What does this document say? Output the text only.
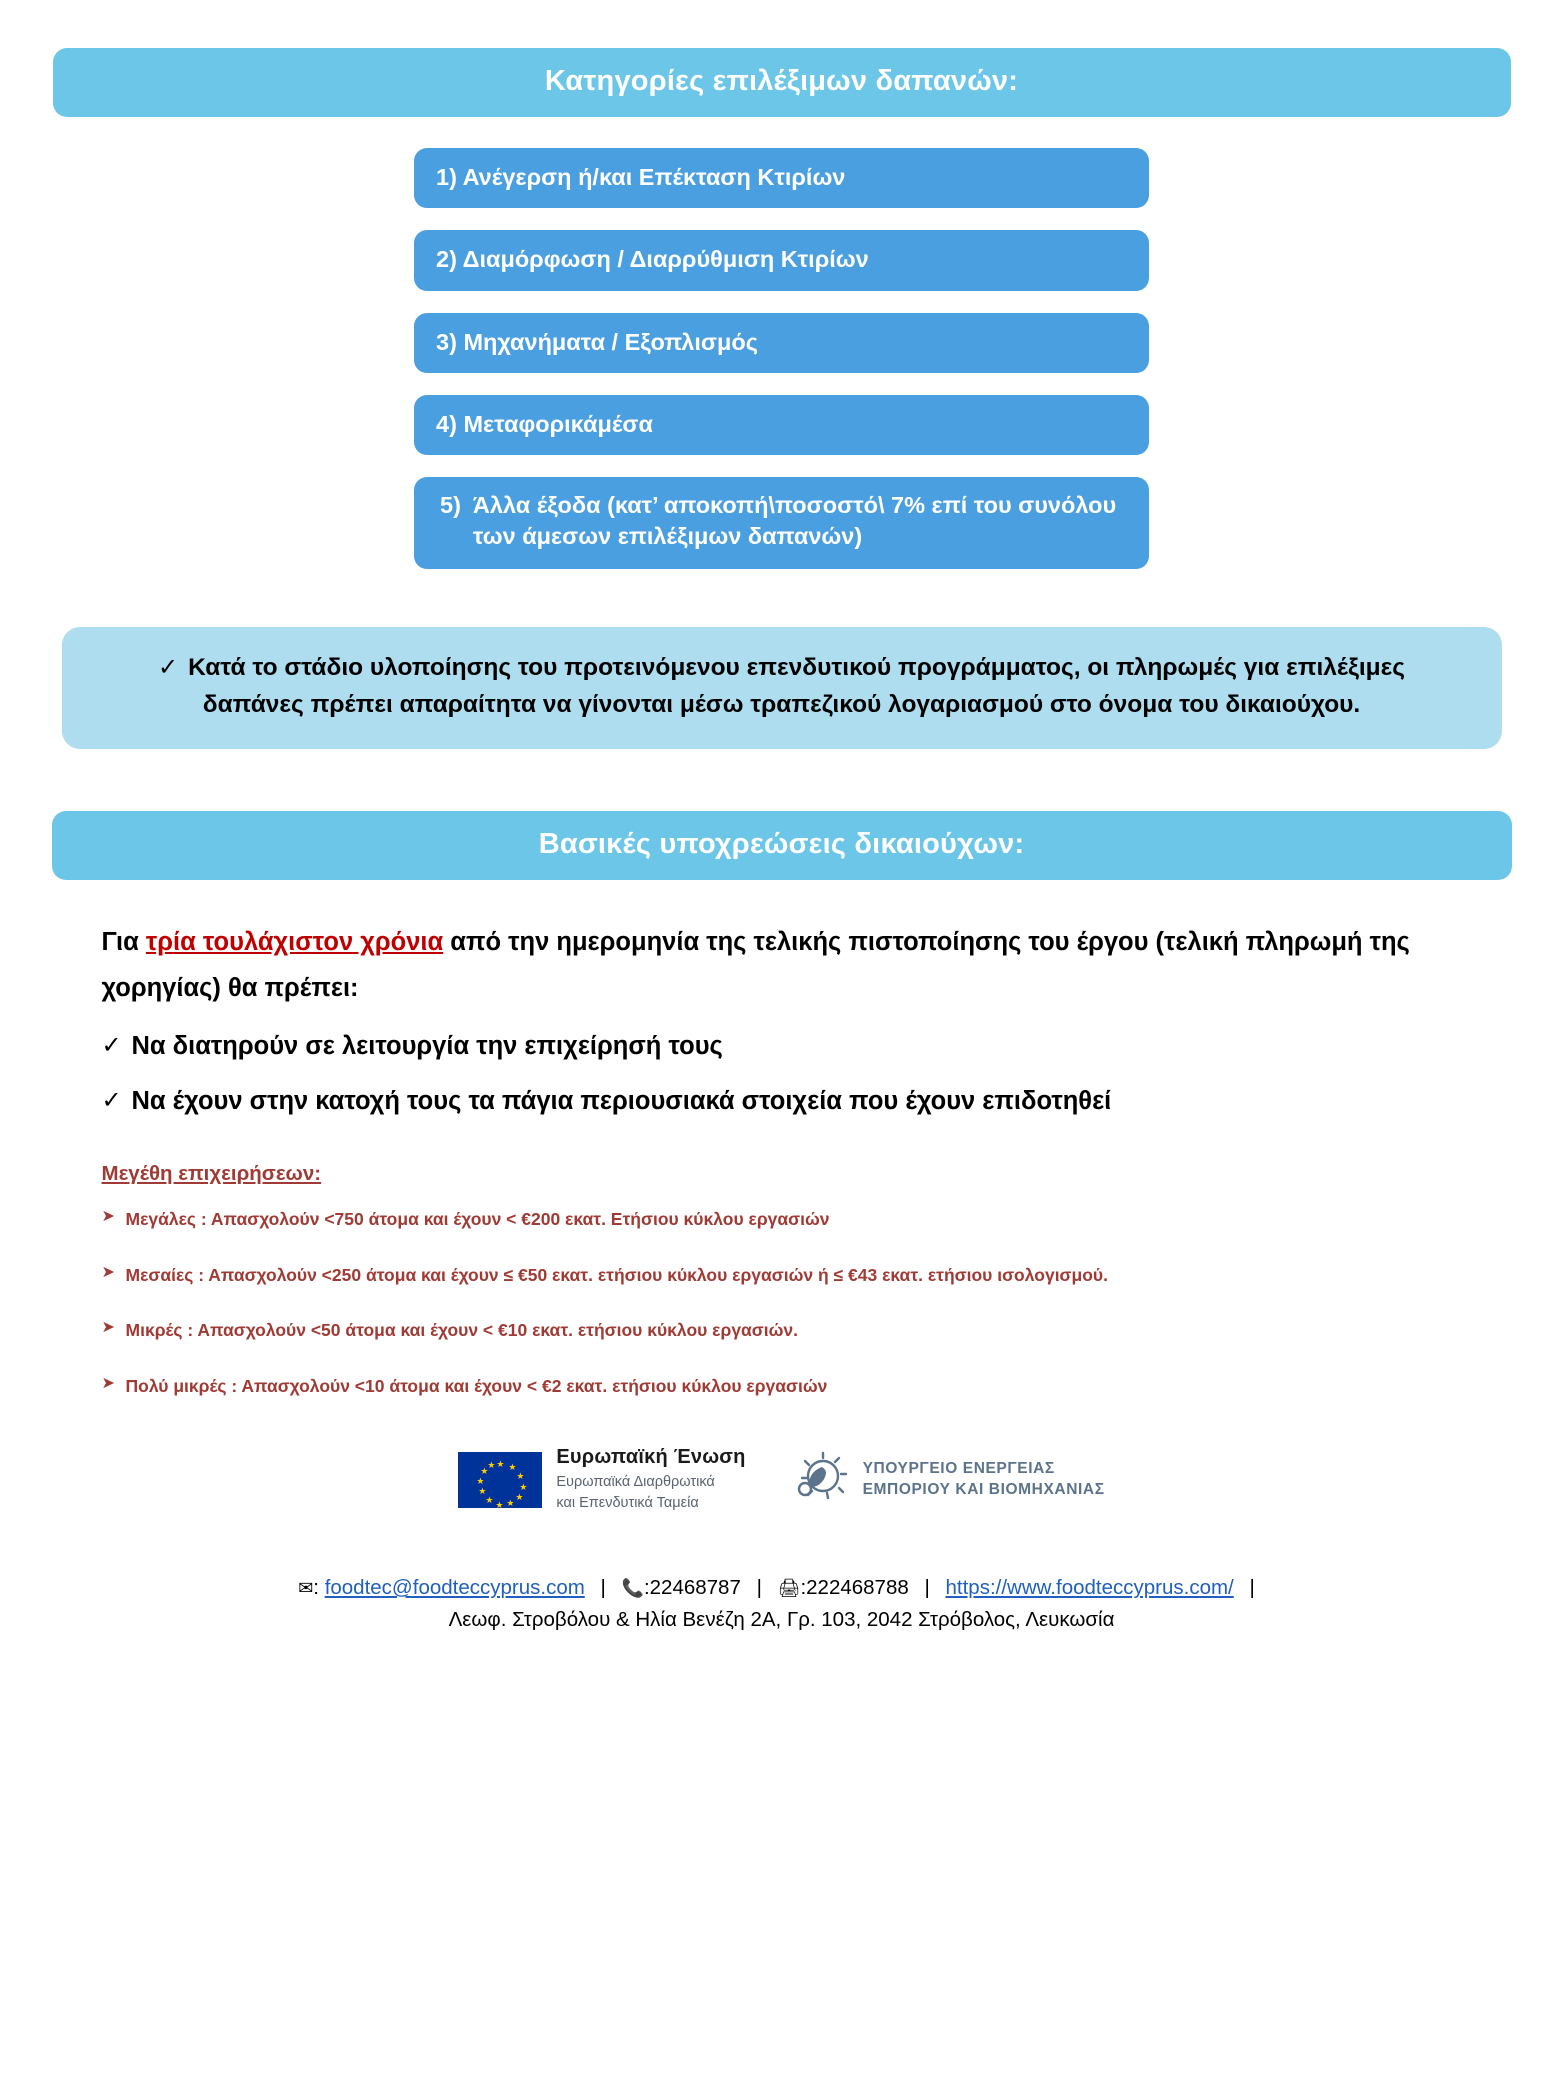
Κατηγορίες επιλέξιμων δαπανών:
1) Ανέγερση ή/και Επέκταση Κτιρίων
2) Διαμόρφωση / Διαρρύθμιση Κτιρίων
3) Μηχανήματα / Εξοπλισμός
4) Μεταφορικάμέσα
5) Άλλα έξοδα (κατ’ αποκοπή\ποσοστό\ 7% επί του συνόλου των άμεσων επιλέξιμων δαπανών)
✓ Κατά το στάδιο υλοποίησης του προτεινόμενου επενδυτικού προγράμματος, οι πληρωμές για επιλέξιμες δαπάνες πρέπει απαραίτητα να γίνονται μέσω τραπεζικού λογαριασμού στο όνομα του δικαιούχου.
Βασικές υποχρεώσεις δικαιούχων:
Για τρία τουλάχιστον χρόνια από την ημερομηνία της τελικής πιστοποίησης του έργου (τελική πληρωμή της χορηγίας) θα πρέπει:
✓ Να διατηρούν σε λειτουργία την επιχείρησή τους
✓ Να έχουν στην κατοχή τους τα πάγια περιουσιακά στοιχεία που έχουν επιδοτηθεί
Μεγέθη επιχειρήσεων:
➤ Μεγάλες : Απασχολούν <750 άτομα και έχουν < €200 εκατ. Ετήσιου κύκλου εργασιών
➤ Μεσαίες : Απασχολούν <250 άτομα και έχουν ≤ €50 εκατ. ετήσιου κύκλου εργασιών ή ≤ €43 εκατ. ετήσιου ισολογισμού.
➤ Μικρές : Απασχολούν <50 άτομα και έχουν < €10 εκατ. ετήσιου κύκλου εργασιών.
➤ Πολύ μικρές : Απασχολούν <10 άτομα και έχουν < €2 εκατ. ετήσιου κύκλου εργασιών
★ ★
★
★
★
★
★
★
★
★
★
★	Ευρωπαϊκή Ένωση
Ευρωπαϊκά Διαρθρωτικά
και Επενδυτικά Ταμεία
ΥΠΟΥΡΓΕΙΟ ΕΝΕΡΓΕΙΑΣ
ΕΜΠΟΡΙΟΥ ΚΑΙ ΒΙΟΜΗΧΑΝΙΑΣ
✉: foodtec@foodteccyprus.com | 📞:22468787 | 🖨:222468788 | https://www.foodteccyprus.com/ |
Λεωφ. Στροβόλου & Ηλία Βενέζη 2Α, Γρ. 103, 2042 Στρόβολος, Λευκωσία
